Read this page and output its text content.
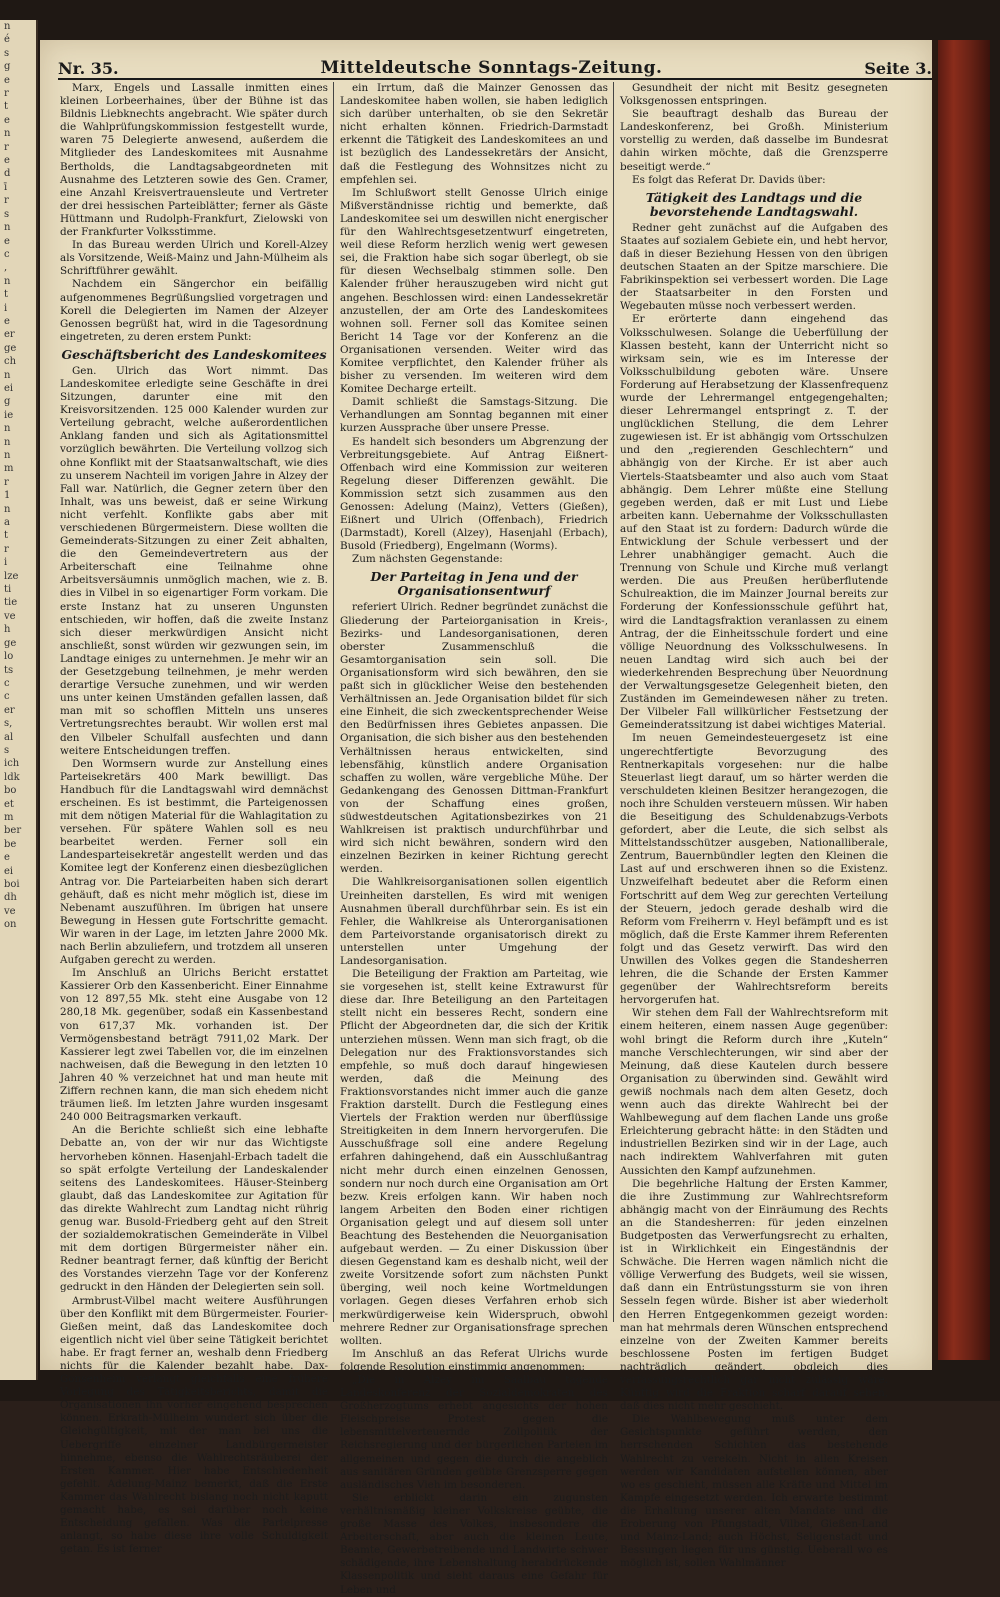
n
é
s
g
e
r
t
e
n
r
e
d
ī
r
s
n
e
c
,
n
t
i
e
er
ge
ch
n
ei
g
ie
n
n
n
m
r
1
n
a
t
r
i
lze
ti
tie
ve
h
ge
lo
ts
c
c
er
s,
al
s
ich
ldk
bo
et
m
ber
be
e
ei
boi
dh
ve
on
Nr. 35.	Mitteldeutsche Sonntags-Zeitung.	Seite 3.

Marx, Engels und Lassalle inmitten eines kleinen Lorbeerhaines, über der Bühne ist das Bildnis Liebknechts angebracht. Wie später durch die Wahlprüfungskommission festgestellt wurde, waren 75 Delegierte anwesend, außerdem die Mitglieder des Landeskomitees mit Ausnahme Bertholds, die Landtagsabgeordneten mit Ausnahme des Letzteren sowie des Gen. Cramer, eine Anzahl Kreisvertrauensleute und Vertreter der drei hessischen Parteiblätter; ferner als Gäste Hüttmann und Rudolph-Frankfurt, Zielowski von der Frankfurter Volksstimme.

In das Bureau werden Ulrich und Korell-Alzey als Vorsitzende, Weiß-Mainz und Jahn-Mülheim als Schriftführer gewählt.

Nachdem ein Sängerchor ein beifällig aufgenommenes Begrüßungslied vorgetragen und Korell die Delegierten im Namen der Alzeyer Genossen begrüßt hat, wird in die Tagesordnung eingetreten, zu deren erstem Punkt:

Geschäftsbericht des Landeskomitees

Gen. Ulrich das Wort nimmt. Das Landeskomitee erledigte seine Geschäfte in drei Sitzungen, darunter eine mit den Kreisvorsitzenden. 125 000 Kalender wurden zur Verteilung gebracht, welche außerordentlichen Anklang fanden und sich als Agitationsmittel vorzüglich bewährten. Die Verteilung vollzog sich ohne Konflikt mit der Staatsanwaltschaft, wie dies zu unserem Nachteil im vorigen Jahre in Alzey der Fall war. Natürlich, die Gegner zetern über den Inhalt, was uns beweist, daß er seine Wirkung nicht verfehlt. Konflikte gabs aber mit verschiedenen Bürgermeistern. Diese wollten die Gemeinderats-Sitzungen zu einer Zeit abhalten, die den Gemeindevertretern aus der Arbeiterschaft eine Teilnahme ohne Arbeitsversäumnis unmöglich machen, wie z. B. dies in Vilbel in so eigenartiger Form vorkam. Die erste Instanz hat zu unseren Ungunsten entschieden, wir hoffen, daß die zweite Instanz sich dieser merkwürdigen Ansicht nicht anschließt, sonst würden wir gezwungen sein, im Landtage einiges zu unternehmen. Je mehr wir an der Gesetzgebung teilnehmen, je mehr werden derartige Versuche zunehmen, und wir werden uns unter keinen Umständen gefallen lassen, daß man mit so schofflen Mitteln uns unseres Vertretungsrechtes beraubt. Wir wollen erst mal den Vilbeler Schulfall ausfechten und dann weitere Entscheidungen treffen.

Den Wormsern wurde zur Anstellung eines Parteisekretärs 400 Mark bewilligt. Das Handbuch für die Landtagswahl wird demnächst erscheinen. Es ist bestimmt, die Parteigenossen mit dem nötigen Material für die Wahlagitation zu versehen. Für spätere Wahlen soll es neu bearbeitet werden. Ferner soll ein Landesparteisekretär angestellt werden und das Komitee legt der Konferenz einen diesbezüglichen Antrag vor. Die Parteiarbeiten haben sich derart gehäuft, daß es nicht mehr möglich ist, diese im Nebenamt auszuführen. Im übrigen hat unsere Bewegung in Hessen gute Fortschritte gemacht. Wir waren in der Lage, im letzten Jahre 2000 Mk. nach Berlin abzuliefern, und trotzdem all unseren Aufgaben gerecht zu werden.

Im Anschluß an Ulrichs Bericht erstattet Kassierer Orb den Kassenbericht. Einer Einnahme von 12 897,55 Mk. steht eine Ausgabe von 12 280,18 Mk. gegenüber, sodaß ein Kassenbestand von 617,37 Mk. vorhanden ist. Der Vermögensbestand beträgt 7911,02 Mark. Der Kassierer legt zwei Tabellen vor, die im einzelnen nachweisen, daß die Bewegung in den letzten 10 Jahren 40 % verzeichnet hat und man heute mit Ziffern rechnen kann, die man sich ehedem nicht träumen ließ. Im letzten Jahre wurden insgesamt 240 000 Beitragsmarken verkauft.

An die Berichte schließt sich eine lebhafte Debatte an, von der wir nur das Wichtigste hervorheben können. Hasenjahl-Erbach tadelt die so spät erfolgte Verteilung der Landeskalender seitens des Landeskomitees. Häuser-Steinberg glaubt, daß das Landeskomitee zur Agitation für das direkte Wahlrecht zum Landtag nicht rührig genug war. Busold-Friedberg geht auf den Streit der sozialdemokratischen Gemeinderäte in Vilbel mit dem dortigen Bürgermeister näher ein. Redner beantragt ferner, daß künftig der Bericht des Vorstandes vierzehn Tage vor der Konferenz gedruckt in den Händen der Delegierten sein soll.

Armbrust-Vilbel macht weitere Ausführungen über den Konflikt mit dem Bürgermeister. Fourier-Gießen meint, daß das Landeskomitee doch eigentlich nicht viel über seine Tätigkeit berichtet habe. Er fragt ferner an, weshalb denn Friedberg nichts für die Kalender bezahlt habe. Dax-Gonsenheim verlangt gleichfalls eine frühere Vorlegung des Tätigkeitsberichts, damit die Organisationen ihn vorher eingehend besprechen können. Erkrath-Mülheim wundert sich über die Gleichgültigkeit, mit der man bei uns die Uebergriffe einzelner Landbürgermeister hinnehme, ebenso die Wahlrechtsräuberei der Ersten Kammer. Hier habe Entschiedenheit gefehlt. Adelung-Mainz bemerkt, daß die Erste Kammer das Wahlrecht bislang noch nicht kaputt gemacht habe, es sei darüber noch keine Entscheidung gefallen. Was die Parteipresse anlangt, so habe diese ihre volle Schuldigkeit getan. Es ist ferner

ein Irrtum, daß die Mainzer Genossen das Landeskomitee haben wollen, sie haben lediglich sich darüber unterhalten, ob sie den Sekretär nicht erhalten können. Friedrich-Darmstadt erkennt die Tätigkeit des Landeskomitees an und ist bezüglich des Landessekretärs der Ansicht, daß die Festlegung des Wohnsitzes nicht zu empfehlen sei.

Im Schlußwort stellt Genosse Ulrich einige Mißverständnisse richtig und bemerkte, daß Landeskomitee sei um deswillen nicht energischer für den Wahlrechtsgesetzentwurf eingetreten, weil diese Reform herzlich wenig wert gewesen sei, die Fraktion habe sich sogar überlegt, ob sie für diesen Wechselbalg stimmen solle. Den Kalender früher herauszugeben wird nicht gut angehen. Beschlossen wird: einen Landessekretär anzustellen, der am Orte des Landeskomitees wohnen soll. Ferner soll das Komitee seinen Bericht 14 Tage vor der Konferenz an die Organisationen versenden. Weiter wird das Komitee verpflichtet, den Kalender früher als bisher zu versenden. Im weiteren wird dem Komitee Decharge erteilt.

Damit schließt die Samstags-Sitzung. Die Verhandlungen am Sonntag begannen mit einer kurzen Aussprache über unsere Presse.

Es handelt sich besonders um Abgrenzung der Verbreitungsgebiete. Auf Antrag Eißnert-Offenbach wird eine Kommission zur weiteren Regelung dieser Differenzen gewählt. Die Kommission setzt sich zusammen aus den Genossen: Adelung (Mainz), Vetters (Gießen), Eißnert und Ulrich (Offenbach), Friedrich (Darmstadt), Korell (Alzey), Hasenjahl (Erbach), Busold (Friedberg), Engelmann (Worms).

Zum nächsten Gegenstande:

Der Parteitag in Jena und der Organisationsentwurf

referiert Ulrich. Redner begründet zunächst die Gliederung der Parteiorganisation in Kreis-, Bezirks- und Landesorganisationen, deren oberster Zusammenschluß die Gesamtorganisation sein soll. Die Organisationsform wird sich bewähren, den sie paßt sich in glücklicher Weise den bestehenden Verhältnissen an. Jede Organisation bildet für sich eine Einheit, die sich zweckentsprechender Weise den Bedürfnissen ihres Gebietes anpassen. Die Organisation, die sich bisher aus den bestehenden Verhältnissen heraus entwickelten, sind lebensfähig, künstlich andere Organisation schaffen zu wollen, wäre vergebliche Mühe. Der Gedankengang des Genossen Dittman-Frankfurt von der Schaffung eines großen, südwestdeutschen Agitationsbezirkes von 21 Wahlkreisen ist praktisch undurchführbar und wird sich nicht bewähren, sondern wird den einzelnen Bezirken in keiner Richtung gerecht werden.

Die Wahlkreisorganisationen sollen eigentlich Ureinheiten darstellen, Es wird mit wenigen Ausnahmen überall durchführbar sein. Es ist ein Fehler, die Wahlkreise als Unterorganisationen dem Parteivorstande organisatorisch direkt zu unterstellen unter Umgehung der Landesorganisation.

Die Beteiligung der Fraktion am Parteitag, wie sie vorgesehen ist, stellt keine Extrawurst für diese dar. Ihre Beteiligung an den Parteitagen stellt nicht ein besseres Recht, sondern eine Pflicht der Abgeordneten dar, die sich der Kritik unterziehen müssen. Wenn man sich fragt, ob die Delegation nur des Fraktionsvorstandes sich empfehle, so muß doch darauf hingewiesen werden, daß die Meinung des Fraktionsvorstandes nicht immer auch die ganze Fraktion darstellt. Durch die Festlegung eines Viertels der Fraktion werden nur überflüssige Streitigkeiten in dem Innern hervorgerufen. Die Ausschußfrage soll eine andere Regelung erfahren dahingehend, daß ein Ausschlußantrag nicht mehr durch einen einzelnen Genossen, sondern nur noch durch eine Organisation am Ort bezw. Kreis erfolgen kann. Wir haben noch langem Arbeiten den Boden einer richtigen Organisation gelegt und auf diesem soll unter Beachtung des Bestehenden die Neuorganisation aufgebaut werden. — Zu einer Diskussion über diesen Gegenstand kam es deshalb nicht, weil der zweite Vorsitzende sofort zum nächsten Punkt überging, weil noch keine Wortmeldungen vorlagen. Gegen dieses Verfahren erhob sich merkwürdigerweise kein Widerspruch, obwohl mehrere Redner zur Organisationsfrage sprechen wollten.

Im Anschluß an das Referat Ulrichs wurde folgende Resolution einstimmig angenommen:

„Die in Alzey im Saalbau tagende Landeskonferenz der Sozialdemokraten des Großherzogtums erhebt angesichts der hohen Fleischpreise Protest gegen die lebensmittelverteuernde Zollpolitik der Reichsregierung und der bürgerlichen Parteien im allgemeinen und gegen die durch die angeblich aus sanitären Gründen geübte Grenzsperre gegen ausländisches Vieh im besonderen.

Sie erblickt darin ein zugunsten verhältnismäßig kleiner Volkskreise geübte, die große Masse des Volkes, insbesondere die Arbeiterschaft, aber auch die kleinen Leute, Beamte, Gewerbetreibende und Landwirte schwer schädigende, ihre Lebenshaltung herabdrückende Klassenpolitik und sieht daraus eine Gefahr für Leben und

Gesundheit der nicht mit Besitz gesegneten Volksgenossen entspringen.

Sie beauftragt deshalb das Bureau der Landeskonferenz, bei Großh. Ministerium vorstellig zu werden, daß dasselbe im Bundesrat dahin wirken möchte, daß die Grenzsperre beseitigt werde.“

Es folgt das Referat Dr. Davids über:

Tätigkeit des Landtags und die bevorstehende Landtagswahl.

Redner geht zunächst auf die Aufgaben des Staates auf sozialem Gebiete ein, und hebt hervor, daß in dieser Beziehung Hessen von den übrigen deutschen Staaten an der Spitze marschiere. Die Fabrikinspektion sei verbessert worden. Die Lage der Staatsarbeiter in den Forsten und Wegebauten müsse noch verbessert werden.

Er erörterte dann eingehend das Volksschulwesen. Solange die Ueberfüllung der Klassen besteht, kann der Unterricht nicht so wirksam sein, wie es im Interesse der Volksschulbildung geboten wäre. Unsere Forderung auf Herabsetzung der Klassenfrequenz wurde der Lehrermangel entgegengehalten; dieser Lehrermangel entspringt z. T. der unglücklichen Stellung, die dem Lehrer zugewiesen ist. Er ist abhängig vom Ortsschulzen und den „regierenden Geschlechtern“ und abhängig von der Kirche. Er ist aber auch Viertels-Staatsbeamter und also auch vom Staat abhängig. Dem Lehrer müßte eine Stellung gegeben werden, daß er mit Lust und Liebe arbeiten kann. Uebernahme der Volksschullasten auf den Staat ist zu fordern: Dadurch würde die Entwicklung der Schule verbessert und der Lehrer unabhängiger gemacht. Auch die Trennung von Schule und Kirche muß verlangt werden. Die aus Preußen herüberflutende Schulreaktion, die im Mainzer Journal bereits zur Forderung der Konfessionsschule geführt hat, wird die Landtagsfraktion veranlassen zu einem Antrag, der die Einheitsschule fordert und eine völlige Neuordnung des Volksschulwesens. In neuen Landtag wird sich auch bei der wiederkehrenden Besprechung über Neuordnung der Verwaltungsgesetze Gelegenheit bieten, den Zuständen im Gemeindewesen näher zu treten. Der Vilbeler Fall willkürlicher Festsetzung der Gemeinderatssitzung ist dabei wichtiges Material.

Im neuen Gemeindesteuergesetz ist eine ungerechtfertigte Bevorzugung des Rentnerkapitals vorgesehen: nur die halbe Steuerlast liegt darauf, um so härter werden die verschuldeten kleinen Besitzer herangezogen, die noch ihre Schulden versteuern müssen. Wir haben die Beseitigung des Schuldenabzugs-Verbots gefordert, aber die Leute, die sich selbst als Mittelstandsschützer ausgeben, Nationalliberale, Zentrum, Bauernbündler legten den Kleinen die Last auf und erschweren ihnen so die Existenz. Unzweifelhaft bedeutet aber die Reform einen Fortschritt auf dem Weg zur gerechten Verteilung der Steuern, jedoch gerade deshalb wird die Reform vom Freiherrn v. Heyl befämpft und es ist möglich, daß die Erste Kammer ihrem Referenten folgt und das Gesetz verwirft. Das wird den Unwillen des Volkes gegen die Standesherren lehren, die die Schande der Ersten Kammer gegenüber der Wahlrechtsreform bereits hervorgerufen hat.

Wir stehen dem Fall der Wahlrechtsreform mit einem heiteren, einem nassen Auge gegenüber: wohl bringt die Reform durch ihre „Kuteln“ manche Verschlechterungen, wir sind aber der Meinung, daß diese Kautelen durch bessere Organisation zu überwinden sind. Gewählt wird gewiß nochmals nach dem alten Gesetz, doch wenn auch das direkte Wahlrecht bei der Wahlbewegung auf dem flachen Lande uns große Erleichterung gebracht hätte: in den Städten und industriellen Bezirken sind wir in der Lage, auch nach indirektem Wahlverfahren mit guten Aussichten den Kampf aufzunehmen.

Die begehrliche Haltung der Ersten Kammer, die ihre Zustimmung zur Wahlrechtsreform abhängig macht von der Einräumung des Rechts an die Standesherren: für jeden einzelnen Budgetposten das Verwerfungsrecht zu erhalten, ist in Wirklichkeit ein Eingeständnis der Schwäche. Die Herren wagen nämlich nicht die völlige Verwerfung des Budgets, weil sie wissen, daß dann ein Entrüstungssturm sie von ihren Sesseln fegen würde. Bisher ist aber wiederholt den Herren Entgegenkommen gezeigt worden: man hat mehrmals deren Wünschen entsprechend einzelne von der Zweiten Kammer bereits beschlossene Posten im fertigen Budget nachträglich geändert, obgleich dies verfassungsrechtlich gar nicht zulässig wäre. Künftig wird die Fraktion scharf darauf sehen, daß dies nicht mehr geschieht.

Die Wahlbewegung muß unter dem Gesichtspunkte geführt werden, den herrschenden Schichten das bestehende Wahlrecht zu verekeln. Nicht in allen Kreisen werden wir Kandidaten aufstellen können, aber wo es geschieht, müssen alle Kräfte und Mittel im Kampfe eingesetzt werden. Ich erwarte bestimmt die Erhaltung unserer alten Mandate und die Eroberung von Pfungstadt, Vilbel, Gießen-Land und Mainz-Land; auch Höchst, Seligenstadt und Bessungen liegen für uns günstig. Ueberall wo es möglich ist, sollen Wahlmänner
